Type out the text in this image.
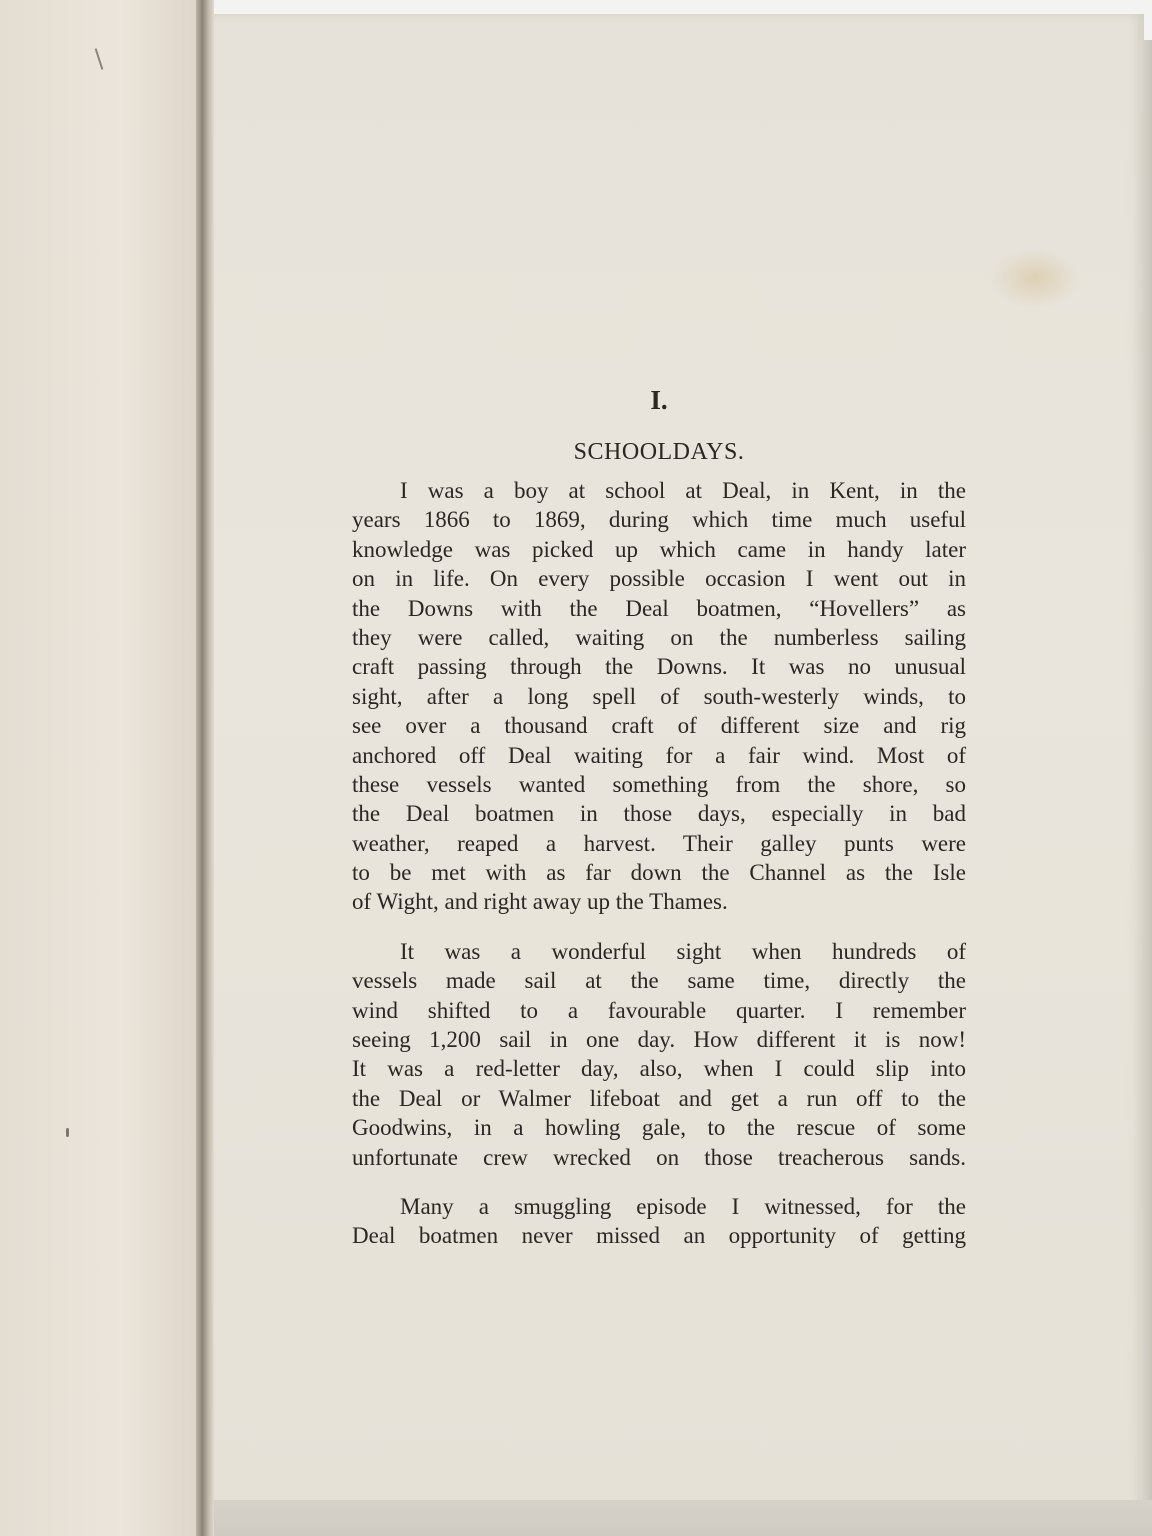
I.
SCHOOLDAYS.
I was a boy at school at Deal, in Kent, in the
years 1866 to 1869, during which time much useful
knowledge was picked up which came in handy later
on in life. On every possible occasion I went out in
the Downs with the Deal boatmen, “Hovellers” as
they were called, waiting on the numberless sailing
craft passing through the Downs. It was no unusual
sight, after a long spell of south-westerly winds, to
see over a thousand craft of different size and rig
anchored off Deal waiting for a fair wind. Most of
these vessels wanted something from the shore, so
the Deal boatmen in those days, especially in bad
weather, reaped a harvest. Their galley punts were
to be met with as far down the Channel as the Isle
of Wight, and right away up the Thames.
It was a wonderful sight when hundreds of
vessels made sail at the same time, directly the
wind shifted to a favourable quarter. I remember
seeing 1,200 sail in one day. How different it is now!
It was a red-letter day, also, when I could slip into
the Deal or Walmer lifeboat and get a run off to the
Goodwins, in a howling gale, to the rescue of some
unfortunate crew wrecked on those treacherous sands.
Many a smuggling episode I witnessed, for the
Deal boatmen never missed an opportunity of getting
